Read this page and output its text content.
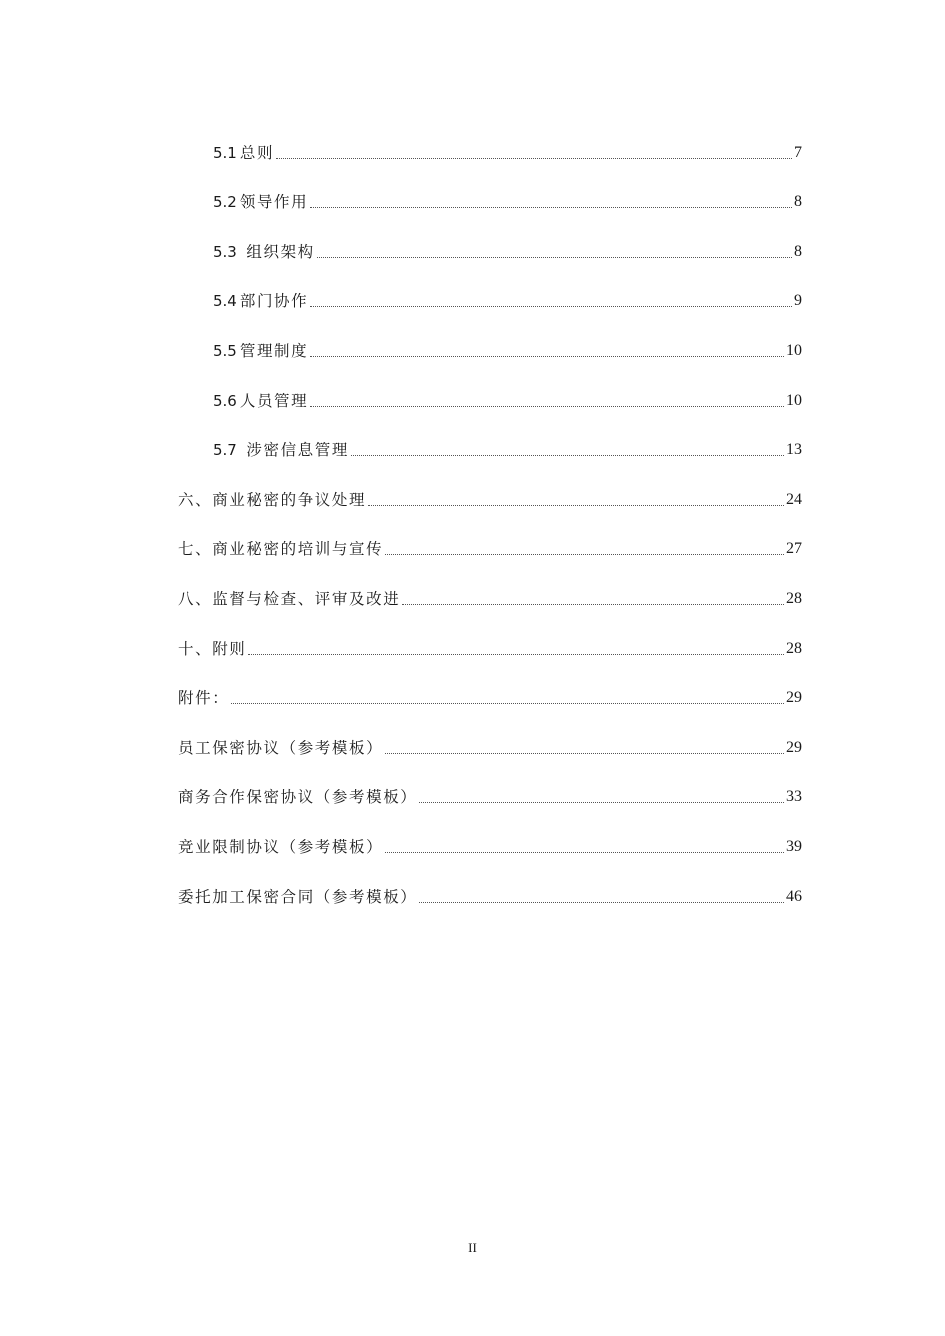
5.1 总则	7
5.2 领导作用	8
5.3 组织架构	8
5.4 部门协作	9
5.5 管理制度	10
5.6 人员管理	10
5.7 涉密信息管理	13
六、商业秘密的争议处理	24
七、商业秘密的培训与宣传	27
八、监督与检查、评审及改进	28
十、附则	28
附件：	29
员工保密协议（参考模板）	29
商务合作保密协议（参考模板）	33
竞业限制协议（参考模板）	39
委托加工保密合同（参考模板）	46
II
